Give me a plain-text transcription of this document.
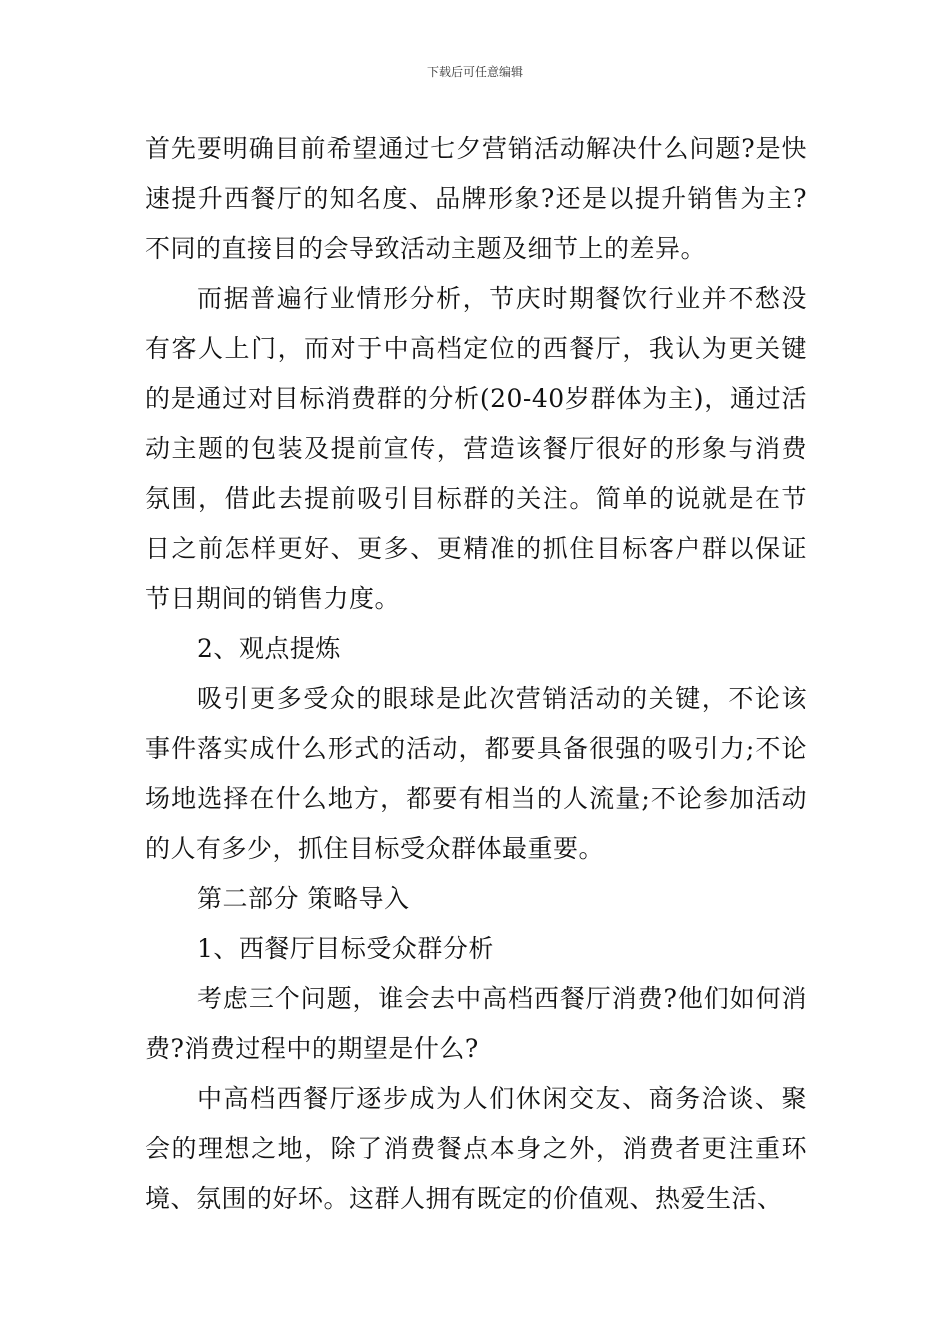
下载后可任意编辑

首先要明确目前希望通过七夕营销活动解决什么问题?是快速提升西餐厅的知名度、品牌形象?还是以提升销售为主?不同的直接目的会导致活动主题及细节上的差异。

而据普遍行业情形分析，节庆时期餐饮行业并不愁没有客人上门，而对于中高档定位的西餐厅，我认为更关键的是通过对目标消费群的分析(20-40岁群体为主)，通过活动主题的包装及提前宣传，营造该餐厅很好的形象与消费氛围，借此去提前吸引目标群的关注。简单的说就是在节日之前怎样更好、更多、更精准的抓住目标客户群以保证节日期间的销售力度。

2、观点提炼

吸引更多受众的眼球是此次营销活动的关键，不论该事件落实成什么形式的活动，都要具备很强的吸引力;不论场地选择在什么地方，都要有相当的人流量;不论参加活动的人有多少，抓住目标受众群体最重要。

第二部分 策略导入

1、西餐厅目标受众群分析

考虑三个问题，谁会去中高档西餐厅消费?他们如何消费?消费过程中的期望是什么?

中高档西餐厅逐步成为人们休闲交友、商务洽谈、聚会的理想之地，除了消费餐点本身之外，消费者更注重环境、氛围的好坏。这群人拥有既定的价值观、热爱生活、
